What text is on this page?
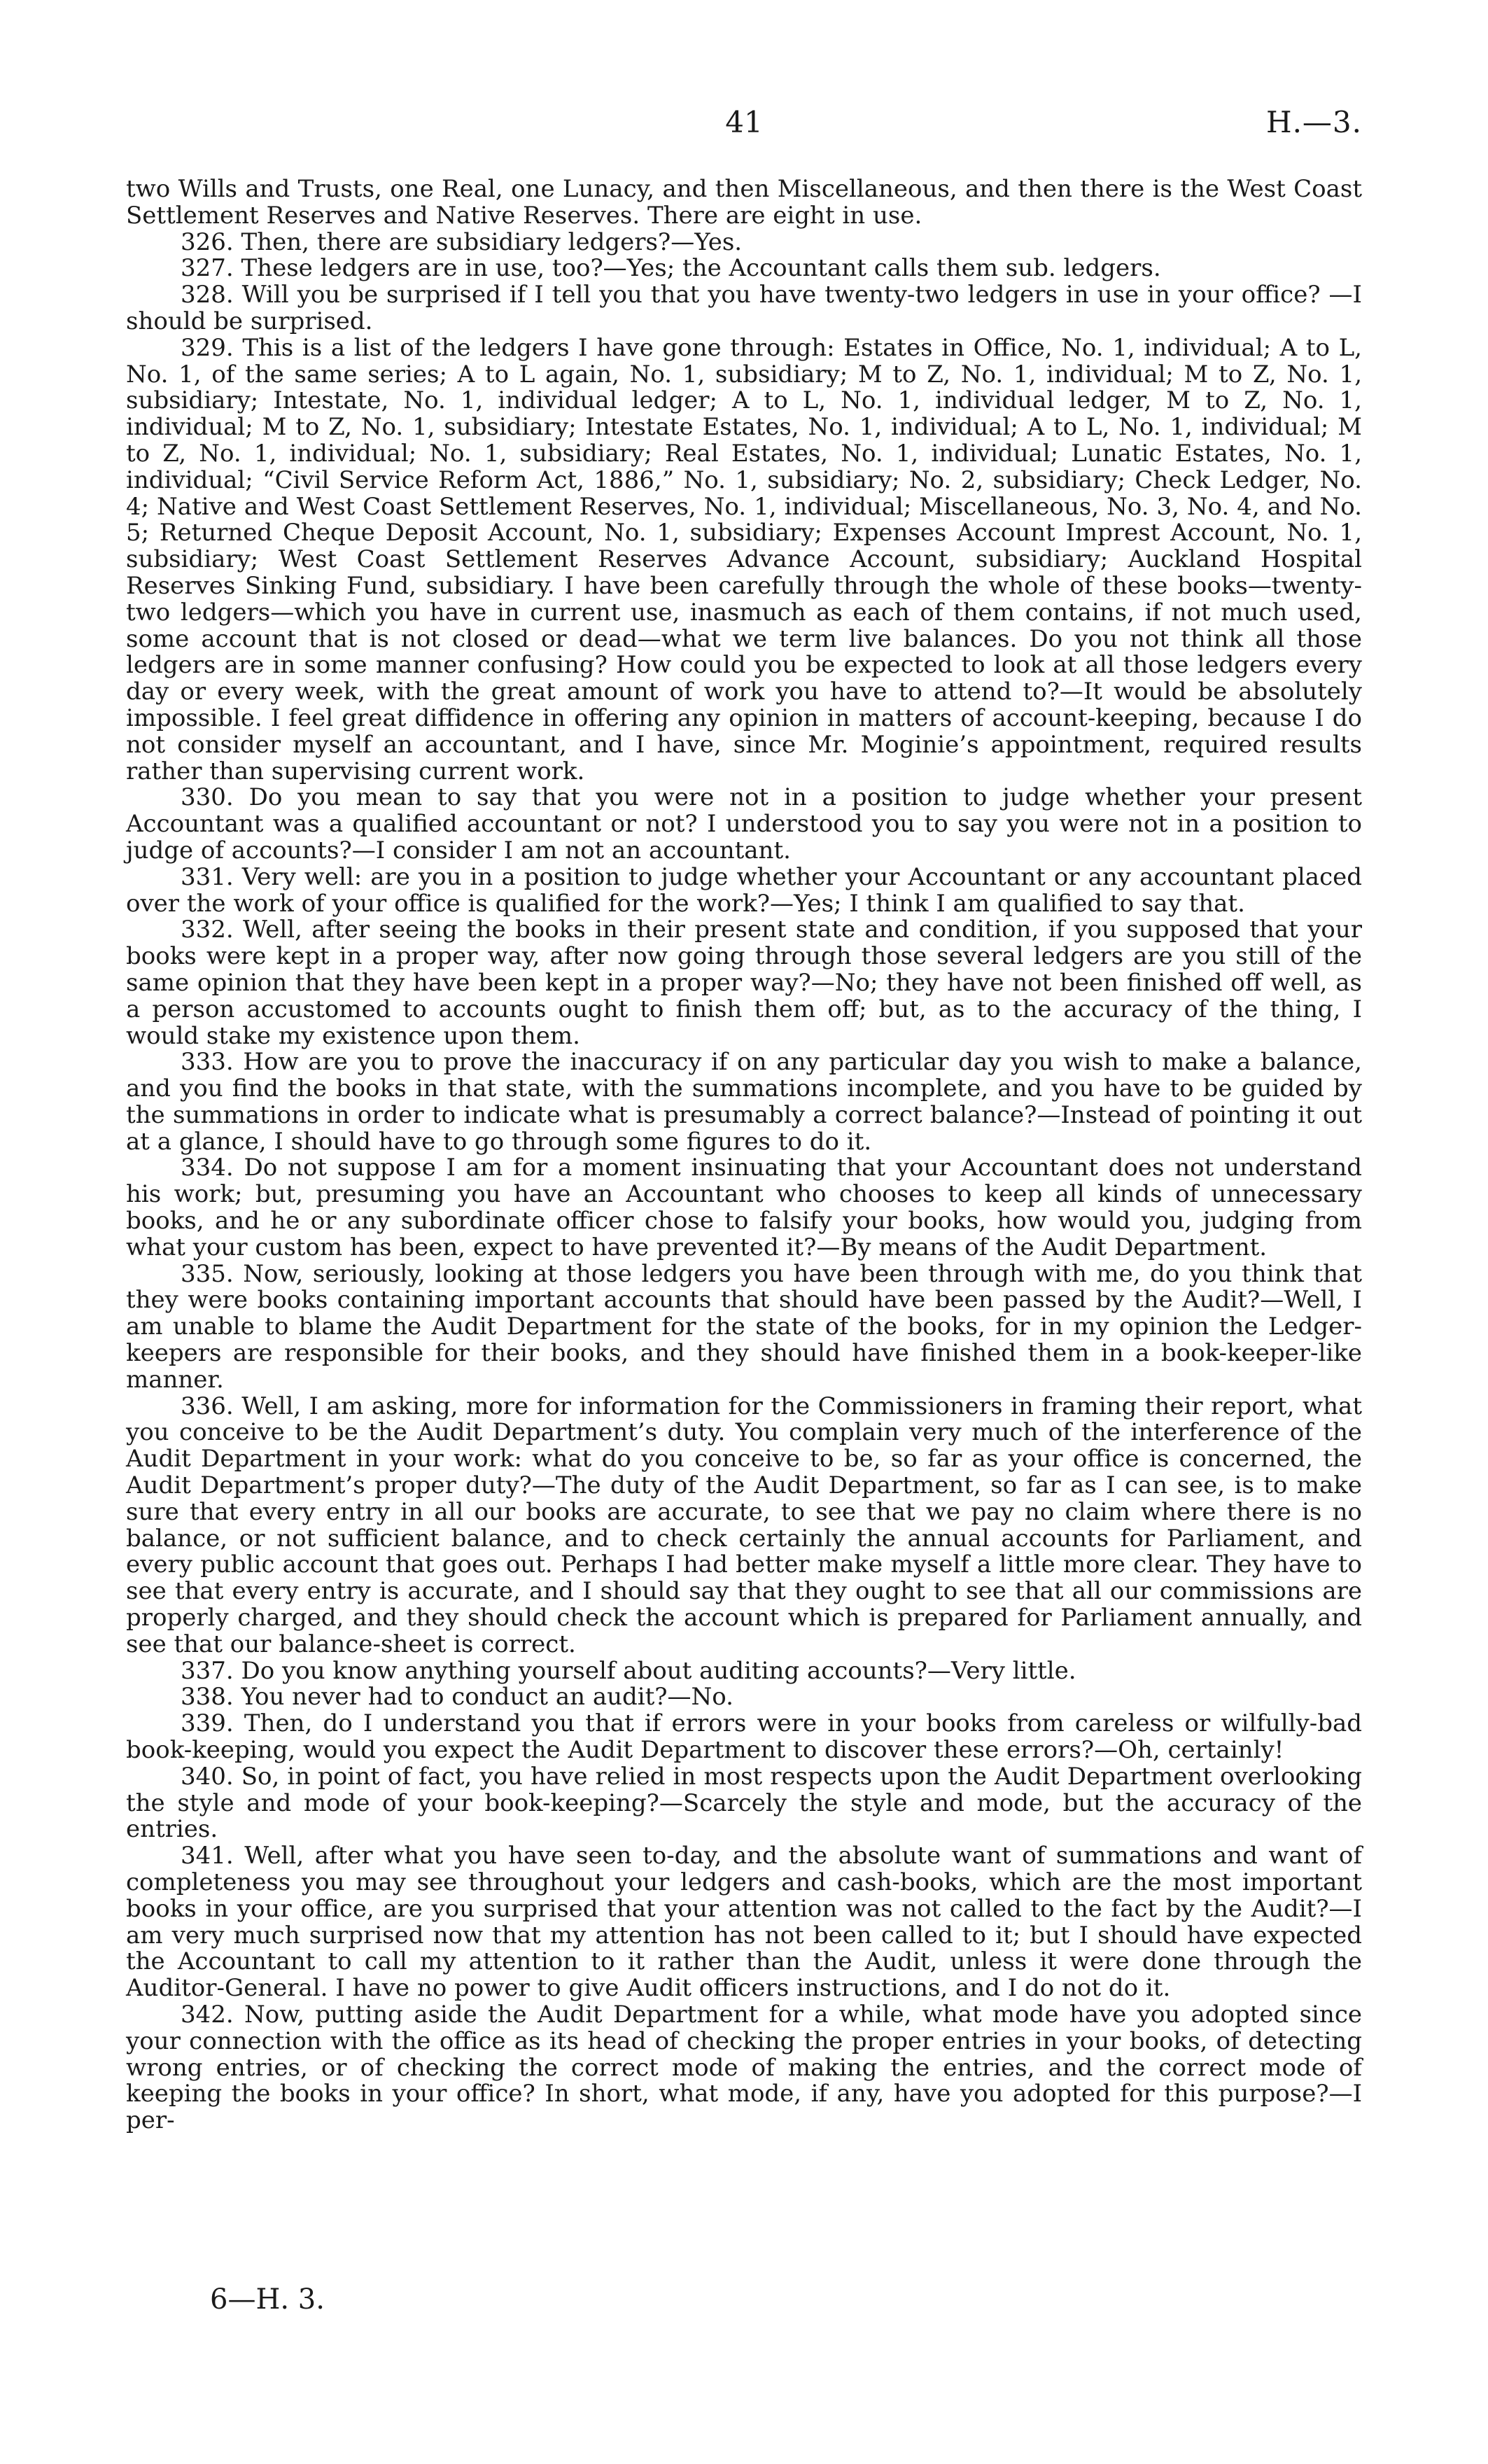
41	H.—3.

two Wills and Trusts, one Real, one Lunacy, and then Miscellaneous, and then there is the West Coast Settlement Reserves and Native Reserves. There are eight in use.

326. Then, there are subsidiary ledgers?—Yes.

327. These ledgers are in use, too?—Yes; the Accountant calls them sub. ledgers.

328. Will you be surprised if I tell you that you have twenty-two ledgers in use in your office? —I should be surprised.

329. This is a list of the ledgers I have gone through: Estates in Office, No. 1, individual; A to L, No. 1, of the same series; A to L again, No. 1, subsidiary; M to Z, No. 1, individual; M to Z, No. 1, subsidiary; Intestate, No. 1, individual ledger; A to L, No. 1, individual ledger, M to Z, No. 1, individual; M to Z, No. 1, subsidiary; Intestate Estates, No. 1, individual; A to L, No. 1, individual; M to Z, No. 1, individual; No. 1, subsidiary; Real Estates, No. 1, individual; Lunatic Estates, No. 1, individual; “Civil Service Reform Act, 1886,” No. 1, subsidiary; No. 2, subsidiary; Check Ledger, No. 4; Native and West Coast Settlement Reserves, No. 1, individual; Miscellaneous, No. 3, No. 4, and No. 5; Returned Cheque Deposit Account, No. 1, subsidiary; Expenses Account Imprest Account, No. 1, subsidiary; West Coast Settlement Reserves Advance Account, subsidiary; Auckland Hospital Reserves Sinking Fund, subsidiary. I have been carefully through the whole of these books—twenty-two ledgers—which you have in current use, inasmuch as each of them contains, if not much used, some account that is not closed or dead—what we term live balances. Do you not think all those ledgers are in some manner confusing? How could you be expected to look at all those ledgers every day or every week, with the great amount of work you have to attend to?—It would be absolutely impossible. I feel great diffidence in offering any opinion in matters of account-keeping, because I do not consider myself an accountant, and I have, since Mr. Moginie’s appointment, required results rather than supervising current work.

330. Do you mean to say that you were not in a position to judge whether your present Accountant was a qualified accountant or not? I understood you to say you were not in a position to judge of accounts?—I consider I am not an accountant.

331. Very well: are you in a position to judge whether your Accountant or any accountant placed over the work of your office is qualified for the work?—Yes; I think I am qualified to say that.

332. Well, after seeing the books in their present state and condition, if you supposed that your books were kept in a proper way, after now going through those several ledgers are you still of the same opinion that they have been kept in a proper way?—No; they have not been finished off well, as a person accustomed to accounts ought to finish them off; but, as to the accuracy of the thing, I would stake my existence upon them.

333. How are you to prove the inaccuracy if on any particular day you wish to make a balance, and you find the books in that state, with the summations incomplete, and you have to be guided by the summations in order to indicate what is presumably a correct balance?—Instead of pointing it out at a glance, I should have to go through some figures to do it.

334. Do not suppose I am for a moment insinuating that your Accountant does not understand his work; but, presuming you have an Accountant who chooses to keep all kinds of unnecessary books, and he or any subordinate officer chose to falsify your books, how would you, judging from what your custom has been, expect to have prevented it?—By means of the Audit Department.

335. Now, seriously, looking at those ledgers you have been through with me, do you think that they were books containing important accounts that should have been passed by the Audit?—Well, I am unable to blame the Audit Department for the state of the books, for in my opinion the Ledger-keepers are responsible for their books, and they should have finished them in a book-keeper-like manner.

336. Well, I am asking, more for information for the Commissioners in framing their report, what you conceive to be the Audit Department’s duty. You complain very much of the interference of the Audit Department in your work: what do you conceive to be, so far as your office is concerned, the Audit Department’s proper duty?—The duty of the Audit Department, so far as I can see, is to make sure that every entry in all our books are accurate, to see that we pay no claim where there is no balance, or not sufficient balance, and to check certainly the annual accounts for Parliament, and every public account that goes out. Perhaps I had better make myself a little more clear. They have to see that every entry is accurate, and I should say that they ought to see that all our commissions are properly charged, and they should check the account which is prepared for Parliament annually, and see that our balance-sheet is correct.

337. Do you know anything yourself about auditing accounts?—Very little.

338. You never had to conduct an audit?—No.

339. Then, do I understand you that if errors were in your books from careless or wilfully-bad book-keeping, would you expect the Audit Department to discover these errors?—Oh, certainly!

340. So, in point of fact, you have relied in most respects upon the Audit Department overlooking the style and mode of your book-keeping?—Scarcely the style and mode, but the accuracy of the entries.

341. Well, after what you have seen to-day, and the absolute want of summations and want of completeness you may see throughout your ledgers and cash-books, which are the most important books in your office, are you surprised that your attention was not called to the fact by the Audit?—I am very much surprised now that my attention has not been called to it; but I should have expected the Accountant to call my attention to it rather than the Audit, unless it were done through the Auditor-General. I have no power to give Audit officers instructions, and I do not do it.

342. Now, putting aside the Audit Department for a while, what mode have you adopted since your connection with the office as its head of checking the proper entries in your books, of detecting wrong entries, or of checking the correct mode of making the entries, and the correct mode of keeping the books in your office? In short, what mode, if any, have you adopted for this purpose?—I per-

6—H. 3.
